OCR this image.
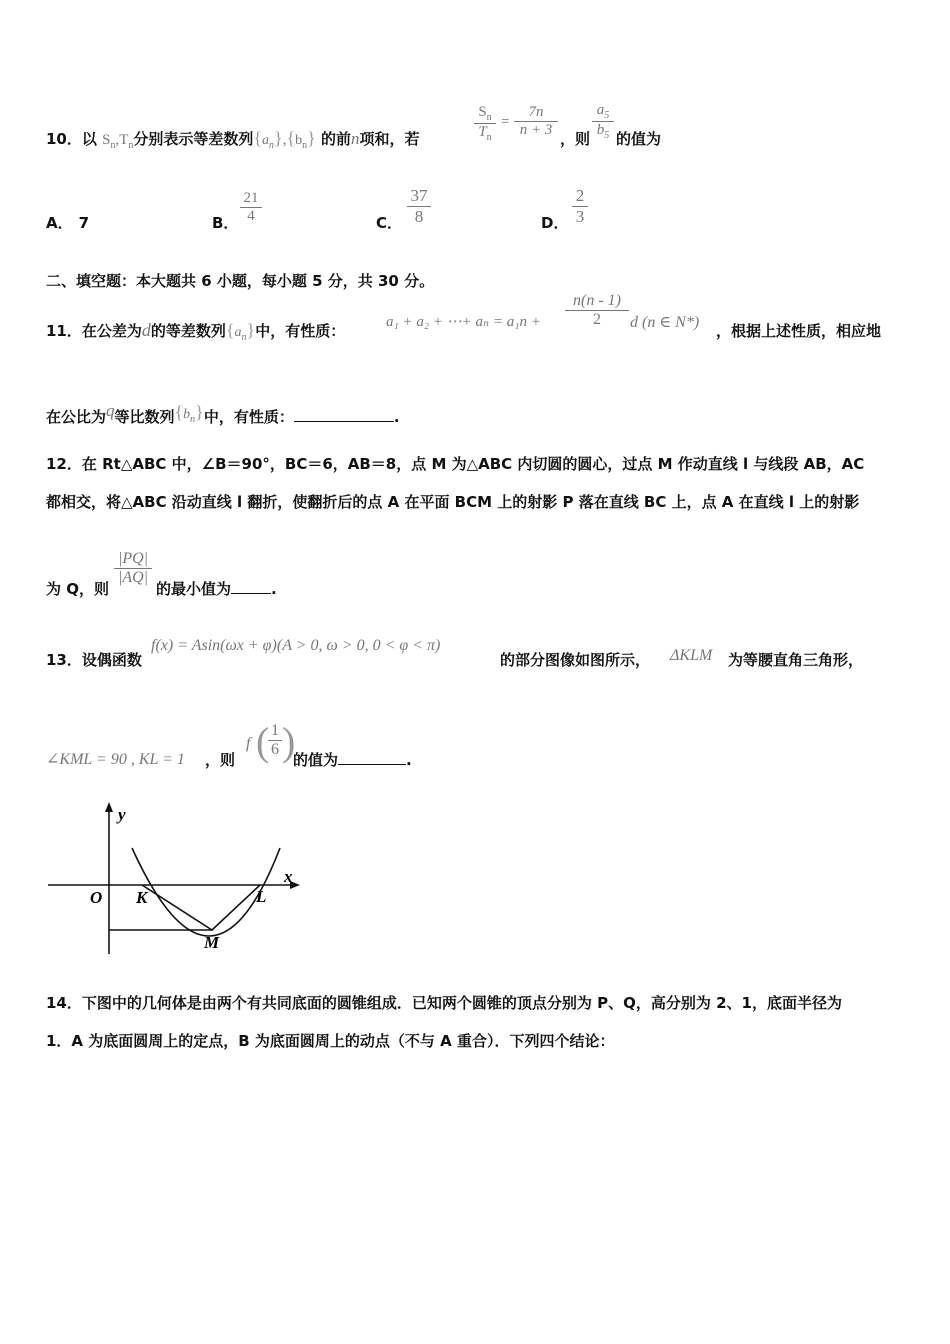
10．以 $S_n,T_n$分别表示等差数列$\{a_n\},\{b_n\}$ 的前n项和，若	$\frac{S_n}{T_n} = \frac{7n}{n + 3}$ ，则 $\frac{a_5}{b_5}$ 的值为
A． 7	B． $\frac{21}{4}$	C． $\frac{37}{8}$	D． $\frac{2}{3}$
二、填空题：本大题共 6 小题，每小题 5 分，共 30 分。
11．在公差为d的等差数列$\{a_n\}$中，有性质：	a₁ + a₂ + ⋯+ $a_n = a_1n + \frac{n(n - 1)}{2}$ d (n ∈ N*) ，根据上述性质，相应地
在公比为q等比数列$\{b_n\}$中，有性质：	.
12．在 Rt△ABC 中，∠B＝90°，BC＝6，AB＝8，点 M 为△ABC 内切圆的圆心，过点 M 作动直线 l 与线段 AB，AC
都相交，将△ABC 沿动直线 l 翻折，使翻折后的点 A 在平面 BCM 上的射影 P 落在直线 BC 上，点 A 在直线 l 上的射影
为 Q，则
$\frac{|PQ|}{|AQ|}$
的最小值为	.
13．设偶函数
f(x) = Asin(ωx + φ)(A > 0, ω > 0, 0 < φ < π)
的部分图像如图所示， ΔKLM 为等腰直角三角形，
∠KML = 90 , KL = 1 ，则
f (
$\frac{1}{6}$ )
的值为	.
y
x
O K	L
M
14．下图中的几何体是由两个有共同底面的圆锥组成．已知两个圆锥的顶点分别为 P、Q，高分别为 2、1，底面半径为
1．A 为底面圆周上的定点，B 为底面圆周上的动点（不与 A 重合）．下列四个结论：
